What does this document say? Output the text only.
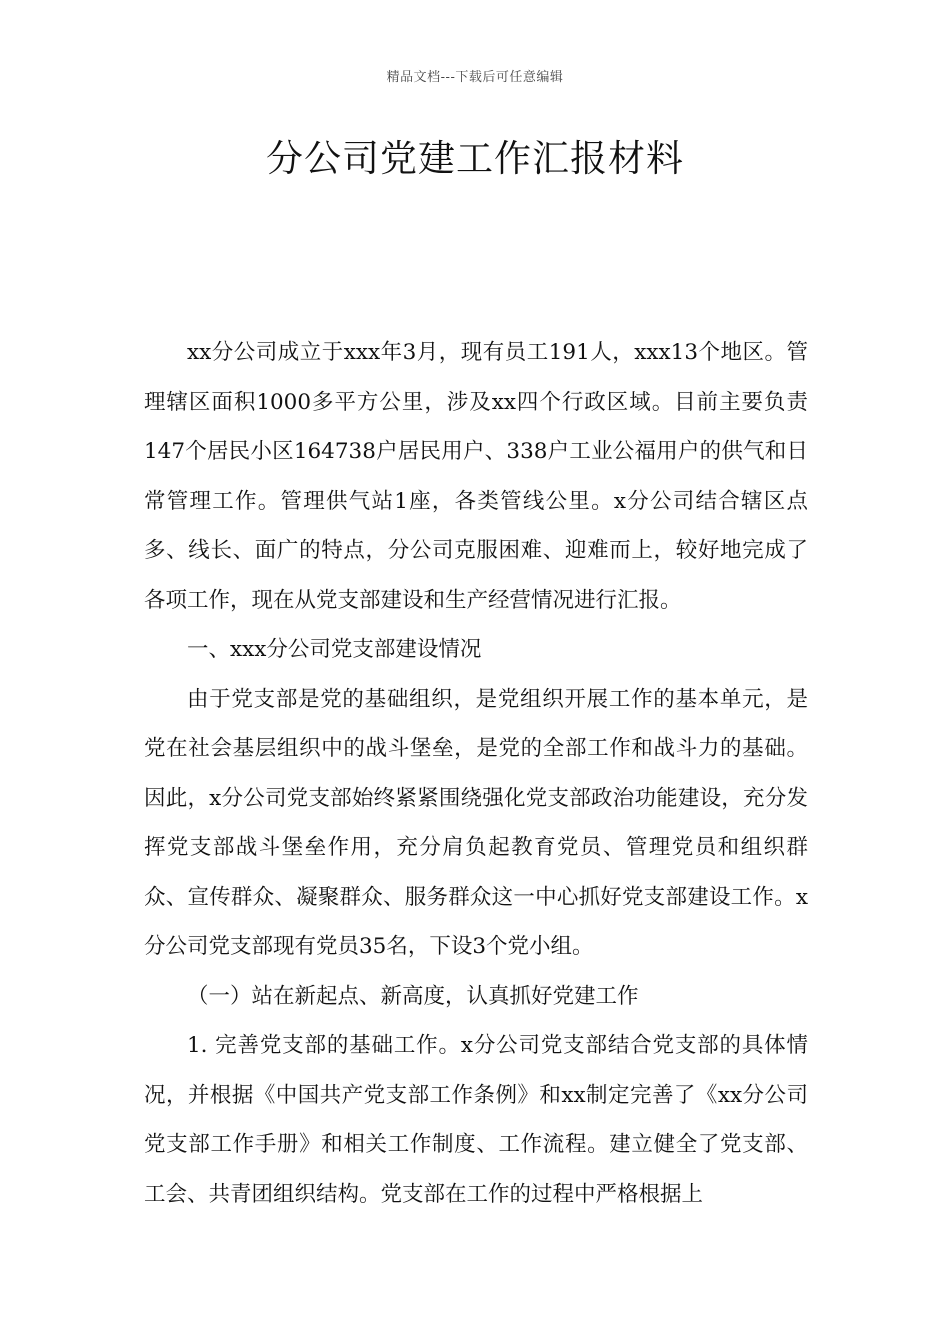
精品文档---下载后可任意编辑
分公司党建工作汇报材料

xx分公司成立于xxx年3月，现有员工191人，xxx13个地区。管理辖区面积1000多平方公里，涉及xx四个行政区域。目前主要负责147个居民小区164738户居民用户、338户工业公福用户的供气和日常管理工作。管理供气站1座，各类管线公里。x分公司结合辖区点多、线长、面广的特点，分公司克服困难、迎难而上，较好地完成了各项工作，现在从党支部建设和生产经营情况进行汇报。

一、xxx分公司党支部建设情况

由于党支部是党的基础组织，是党组织开展工作的基本单元，是党在社会基层组织中的战斗堡垒，是党的全部工作和战斗力的基础。因此，x分公司党支部始终紧紧围绕强化党支部政治功能建设，充分发挥党支部战斗堡垒作用，充分肩负起教育党员、管理党员和组织群众、宣传群众、凝聚群众、服务群众这一中心抓好党支部建设工作。x分公司党支部现有党员35名，下设3个党小组。

（一）站在新起点、新高度，认真抓好党建工作

1. 完善党支部的基础工作。x分公司党支部结合党支部的具体情况，并根据《中国共产党支部工作条例》和xx制定完善了《xx分公司党支部工作手册》和相关工作制度、工作流程。建立健全了党支部、工会、共青团组织结构。党支部在工作的过程中严格根据上
